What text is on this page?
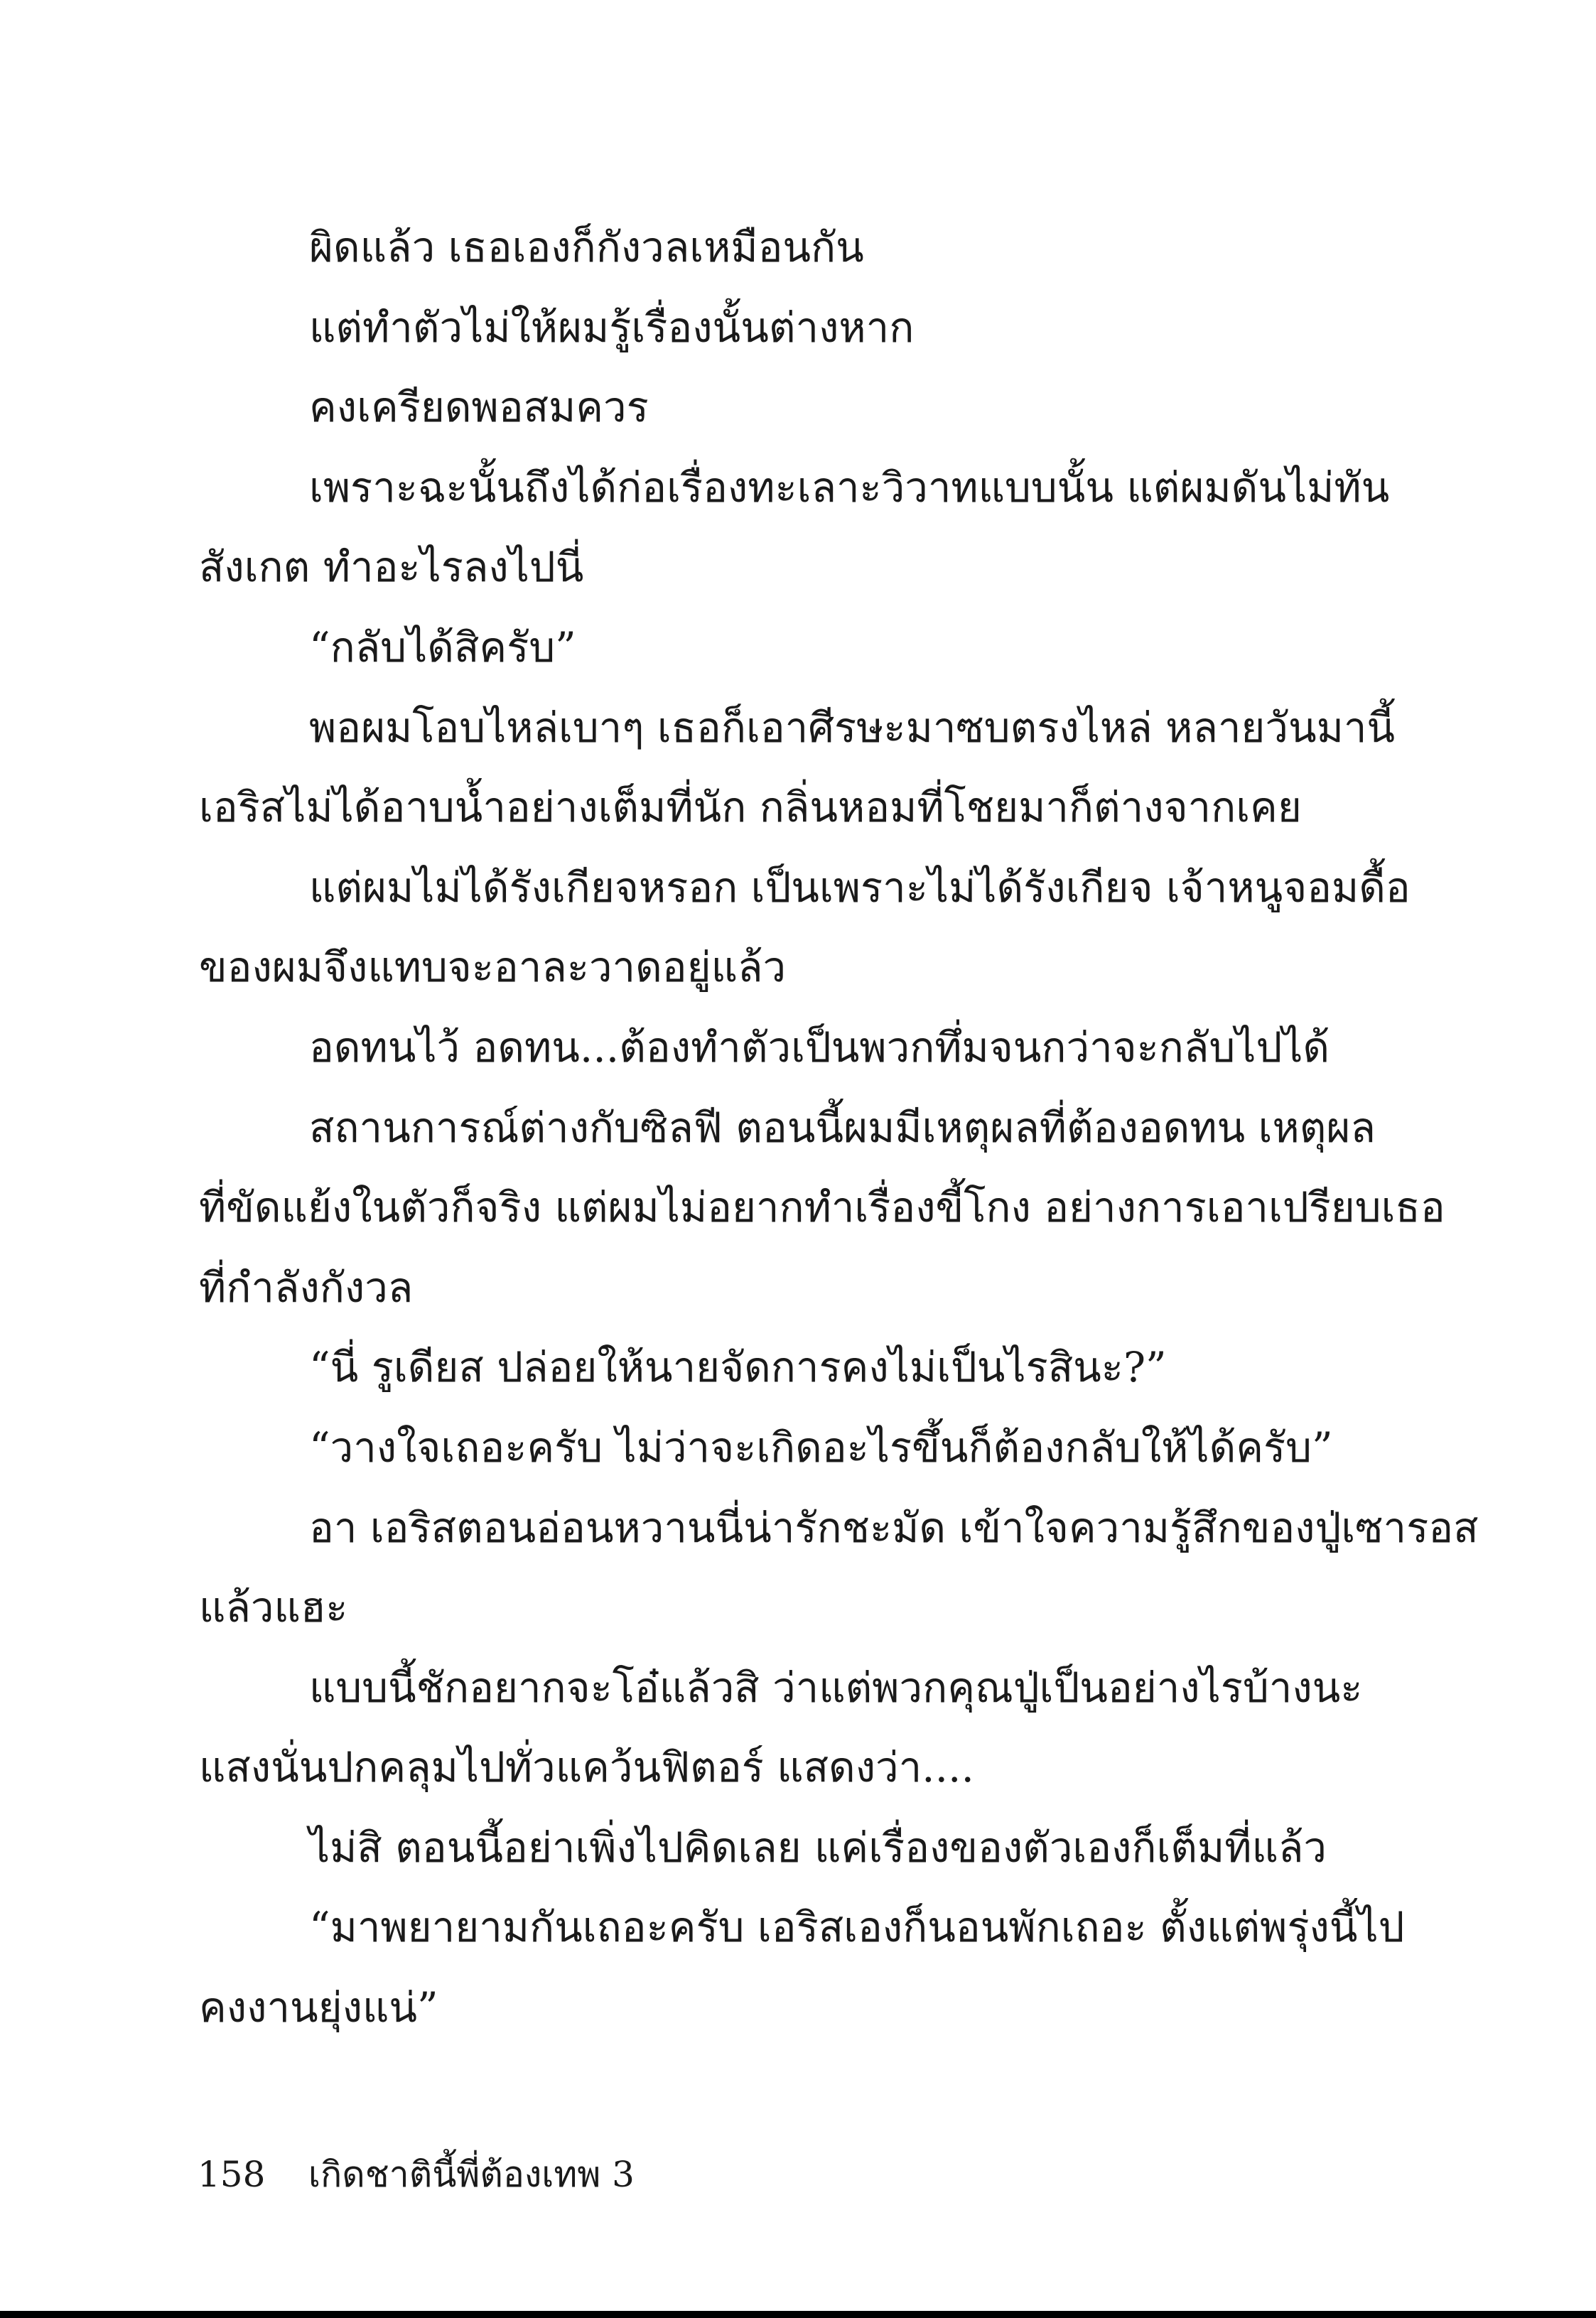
ผิดแล้ว เธอเองก็กังวลเหมือนกัน
แต่ทำตัวไม่ให้ผมรู้เรื่องนั้นต่างหาก
คงเครียดพอสมควร
เพราะฉะนั้นถึงได้ก่อเรื่องทะเลาะวิวาทแบบนั้น แต่ผมดันไม่ทัน
สังเกต ทำอะไรลงไปนี่
“กลับได้สิครับ”
พอผมโอบไหล่เบาๆ เธอก็เอาศีรษะมาซบตรงไหล่ หลายวันมานี้
เอริสไม่ได้อาบน้ำอย่างเต็มที่นัก กลิ่นหอมที่โชยมาก็ต่างจากเคย
แต่ผมไม่ได้รังเกียจหรอก เป็นเพราะไม่ได้รังเกียจ เจ้าหนูจอมดื้อ
ของผมจึงแทบจะอาละวาดอยู่แล้ว
อดทนไว้ อดทน...ต้องทำตัวเป็นพวกทึ่มจนกว่าจะกลับไปได้
สถานการณ์ต่างกับซิลฟี ตอนนี้ผมมีเหตุผลที่ต้องอดทน เหตุผล
ที่ขัดแย้งในตัวก็จริง แต่ผมไม่อยากทำเรื่องขี้โกง อย่างการเอาเปรียบเธอ
ที่กำลังกังวล
“นี่ รูเดียส ปล่อยให้นายจัดการคงไม่เป็นไรสินะ?”
“วางใจเถอะครับ ไม่ว่าจะเกิดอะไรขึ้นก็ต้องกลับให้ได้ครับ”
อา เอริสตอนอ่อนหวานนี่น่ารักชะมัด เข้าใจความรู้สึกของปู่เซารอส
แล้วแฮะ
แบบนี้ชักอยากจะโอ๋แล้วสิ ว่าแต่พวกคุณปู่เป็นอย่างไรบ้างนะ
แสงนั่นปกคลุมไปทั่วแคว้นฟิตอร์ แสดงว่า....
ไม่สิ ตอนนี้อย่าเพิ่งไปคิดเลย แค่เรื่องของตัวเองก็เต็มที่แล้ว
“มาพยายามกันเถอะครับ เอริสเองก็นอนพักเถอะ ตั้งแต่พรุ่งนี้ไป
คงงานยุ่งแน่”
158 เกิดชาตินี้พี่ต้องเทพ 3
